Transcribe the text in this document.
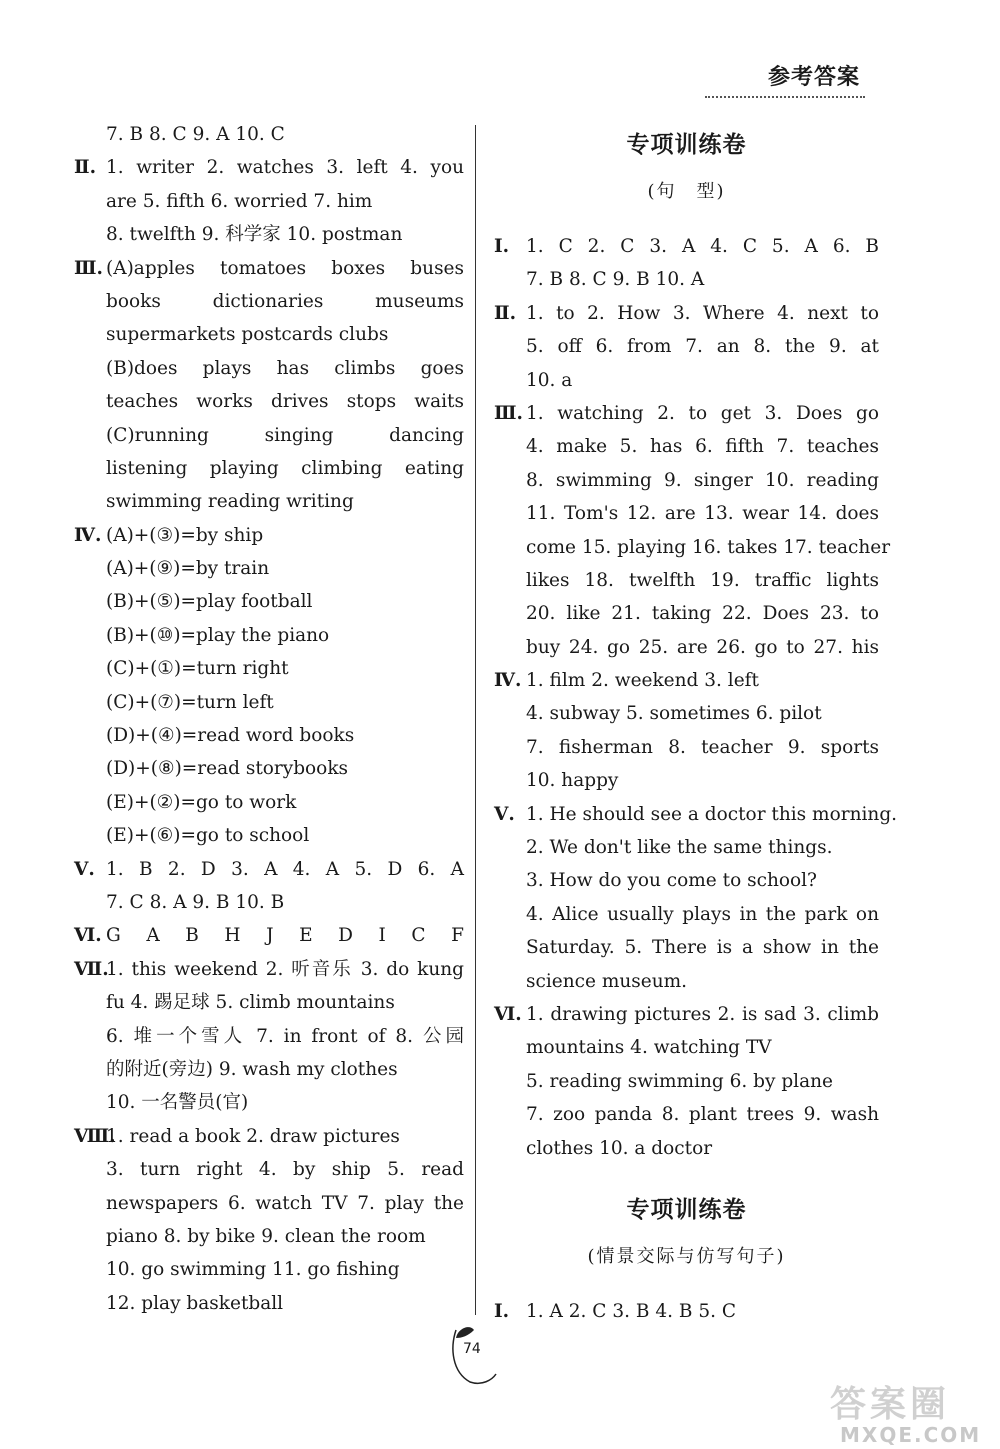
参考答案
7. B 8. C 9. A 10. C
Ⅱ. 1. writer 2. watches 3. left 4. you
are 5. fifth 6. worried 7. him
8. twelfth 9. 科学家 10. postman
Ⅲ. (A)apples tomatoes boxes buses
books dictionaries museums
supermarkets postcards clubs
(B)does plays has climbs goes
teaches works drives stops waits
(C)running singing dancing
listening playing climbing eating
swimming reading writing
Ⅳ. (A)+(③)=by ship
(A)+(⑨)=by train
(B)+(⑤)=play football
(B)+(⑩)=play the piano
(C)+(①)=turn right
(C)+(⑦)=turn left
(D)+(④)=read word books
(D)+(⑧)=read storybooks
(E)+(②)=go to work
(E)+(⑥)=go to school
Ⅴ. 1. B 2. D 3. A 4. A 5. D 6. A
7. C 8. A 9. B 10. B
Ⅵ. G A B H J E D I C F
Ⅶ.
1. this weekend 2. 听音乐 3. do kung
fu 4. 踢足球 5. climb mountains
6. 堆一个雪人 7. in front of 8. 公园
的附近(旁边) 9. wash my clothes
10. 一名警员(官)
Ⅷ.
1. read a book 2. draw pictures
3. turn right 4. by ship 5. read
newspapers 6. watch TV 7. play the
piano 8. by bike 9. clean the room
10. go swimming 11. go fishing
12. play basketball
专项训练卷
(句　型)
Ⅰ. 1. C 2. C 3. A 4. C 5. A 6. B
7. B 8. C 9. B 10. A
Ⅱ. 1. to 2. How 3. Where 4. next to
5. off 6. from 7. an 8. the 9. at
10. a
Ⅲ. 1. watching 2. to get 3. Does go
4. make 5. has 6. fifth 7. teaches
8. swimming 9. singer 10. reading
11. Tom's 12. are 13. wear 14. does
come 15. playing 16. takes 17. teacher
likes 18. twelfth 19. traffic lights
20. like 21. taking 22. Does 23. to
buy 24. go 25. are 26. go to 27. his
Ⅳ. 1. film 2. weekend 3. left
4. subway 5. sometimes 6. pilot
7. fisherman 8. teacher 9. sports
10. happy
Ⅴ. 1. He should see a doctor this morning.
2. We don't like the same things.
3. How do you come to school?
4. Alice usually plays in the park on
Saturday. 5. There is a show in the
science museum.
Ⅵ. 1. drawing pictures 2. is sad 3. climb
mountains 4. watching TV
5. reading swimming 6. by plane
7. zoo panda 8. plant trees 9. wash
clothes 10. a doctor
专项训练卷
(情景交际与仿写句子)
Ⅰ. 1. A 2. C 3. B 4. B 5. C
74
答案圈
MXQE.COM
